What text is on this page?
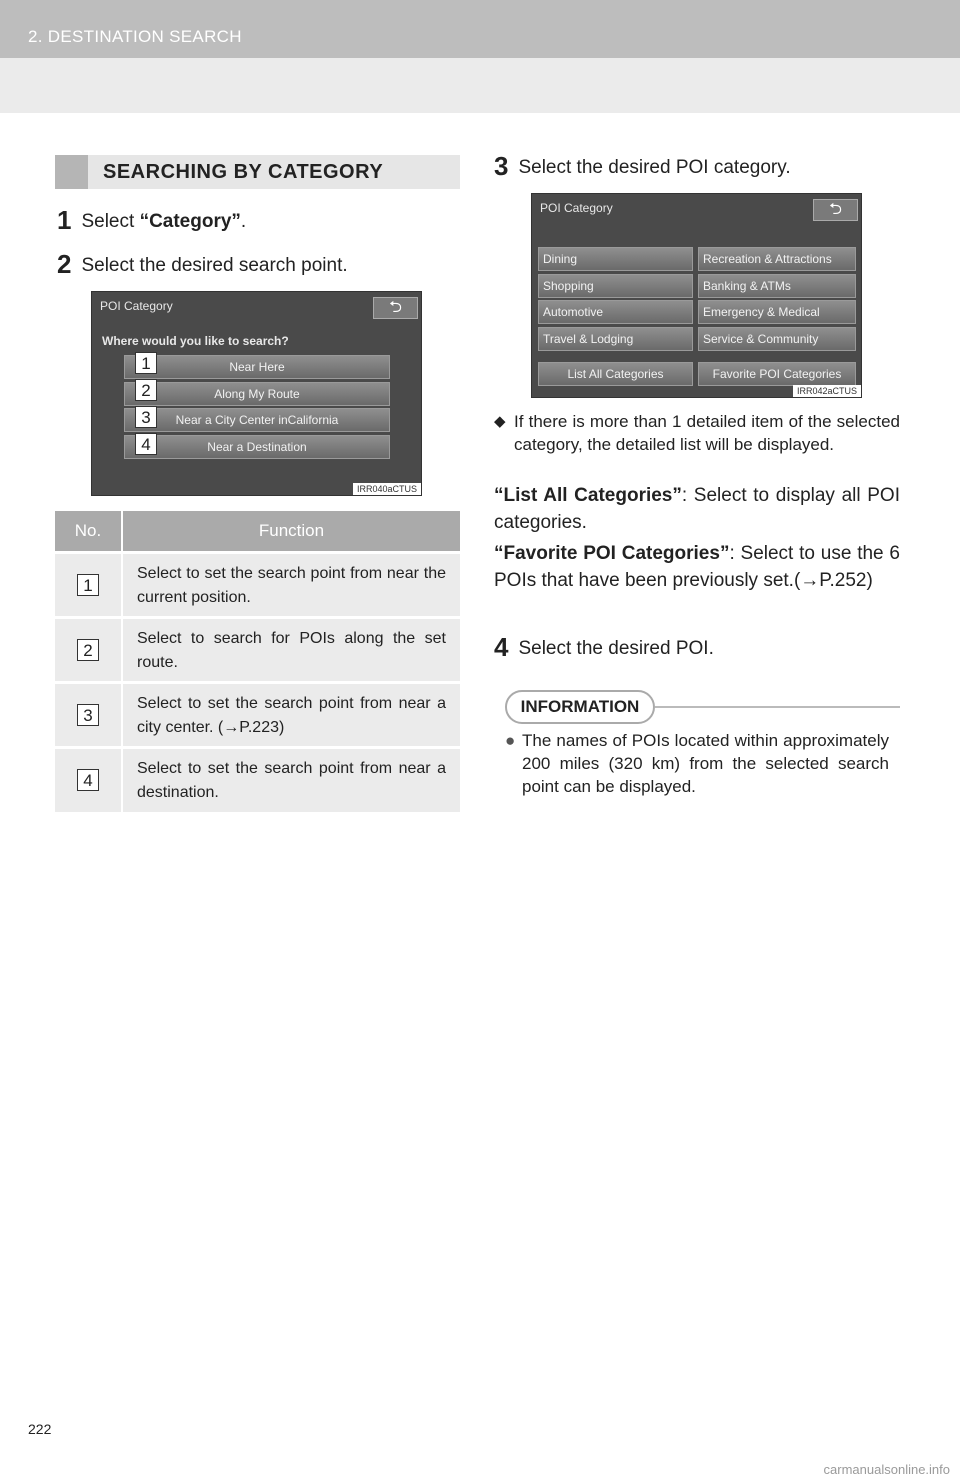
2. DESTINATION SEARCH
SEARCHING BY CATEGORY
1 Select “Category”.
2 Select the desired search point.
POI Category	⮌
Where would you like to search?
Near Here
Along My Route
Near a City Center inCalifornia
Near a Destination
1
2
3
4
IRR040aCTUS
No.	Function
1	Select to set the search point from near the current position.
2	Select to search for POIs along the set route.
3	Select to set the search point from near a city center. (→P.223)
4	Select to set the search point from near a destination.
3 Select the desired POI category.
POI Category	⮌
Dining
Shopping
Automotive
Travel & Lodging
Recreation & Attractions
Banking & ATMs
Emergency & Medical
Service & Community
List All Categories	Favorite POI Categories
IRR042aCTUS
◆ If there is more than 1 detailed item of the selected category, the detailed list will be displayed.
“List All Categories”: Select to display all POI categories.
“Favorite POI Categories”: Select to use the 6 POIs that have been previously set.(→P.252)
4 Select the desired POI.
INFORMATION
● The names of POIs located within approximately 200 miles (320 km) from the selected search point can be displayed.
222
carmanualsonline.info
